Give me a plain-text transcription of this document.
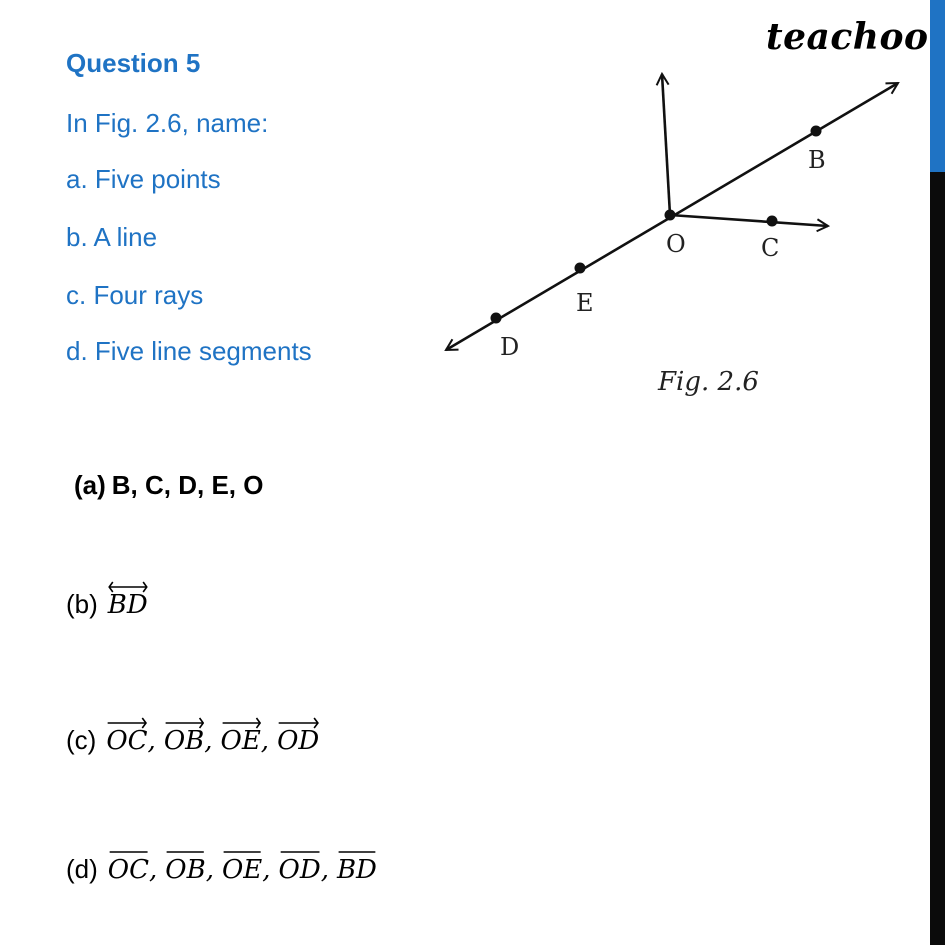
teachoo
Question 5
In Fig. 2.6, name:
a. Five points
b. A line
c. Four rays
d. Five line segments
B
O	C
E
D
Fig. 2.6
(a) B, C, D, E, O
(b) BD
(c) OC, OB, OE, OD
(d) OC, OB, OE, OD, BD
